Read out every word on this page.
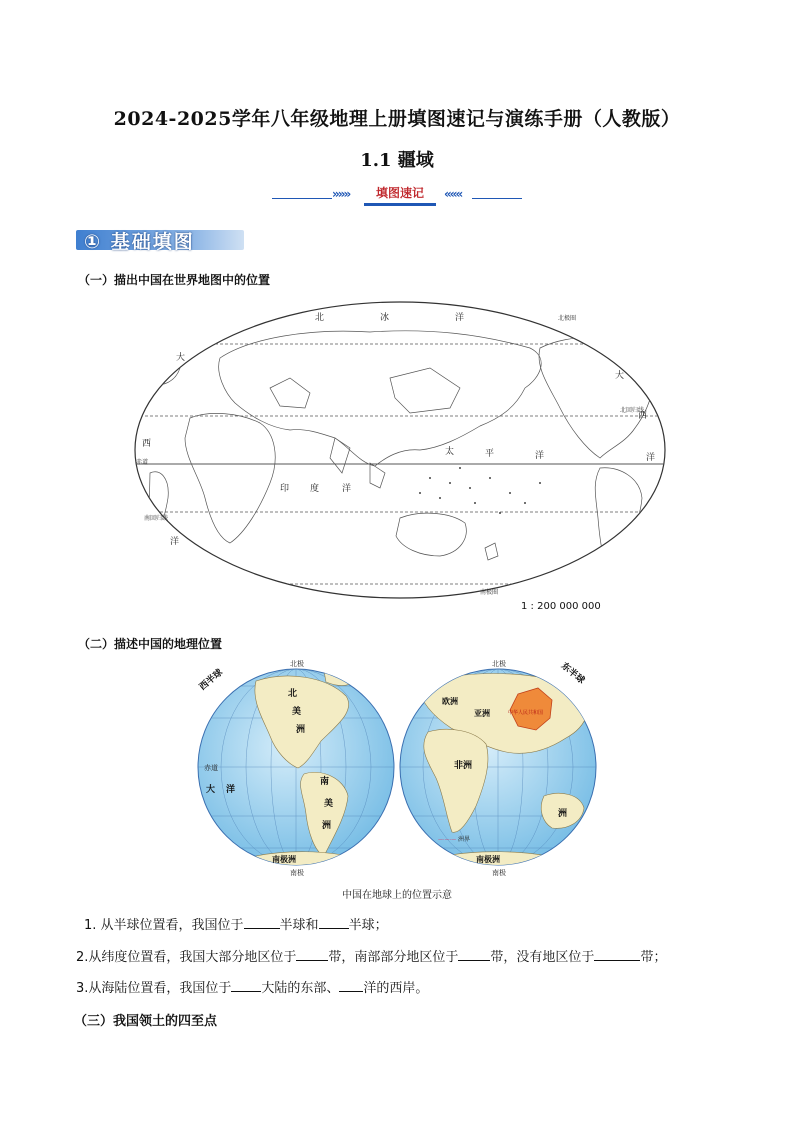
2024-2025学年八年级地理上册填图速记与演练手册（人教版）
1.1 疆域
»»»	填图速记	«««
① 基础填图
（一）描出中国在世界地图中的位置
北	冰	洋
大
西
洋
太	平	洋
印 度	洋
大
西
洋
赤道
北回归线
南回归线
北极圈
南极圈
1 : 200 000 000
（二）描述中国的地理位置
北极
南极
北极
南极
赤道
—·—·— 洲界
西半球	东半球
北
美
洲
南
美
洲
大 洋
南极洲
欧洲
亚洲
非洲
洲
南极洲
中华人民共和国
中国在地球上的位置示意
1. 从半球位置看，我国位于	半球和 半球；
2.从纬度位置看，我国大部分地区位于 带，南部部分地区位于 带，没有地区位于	带；
3.从海陆位置看，我国位于 大陆的东部、 洋的西岸。
（三）我国领土的四至点
